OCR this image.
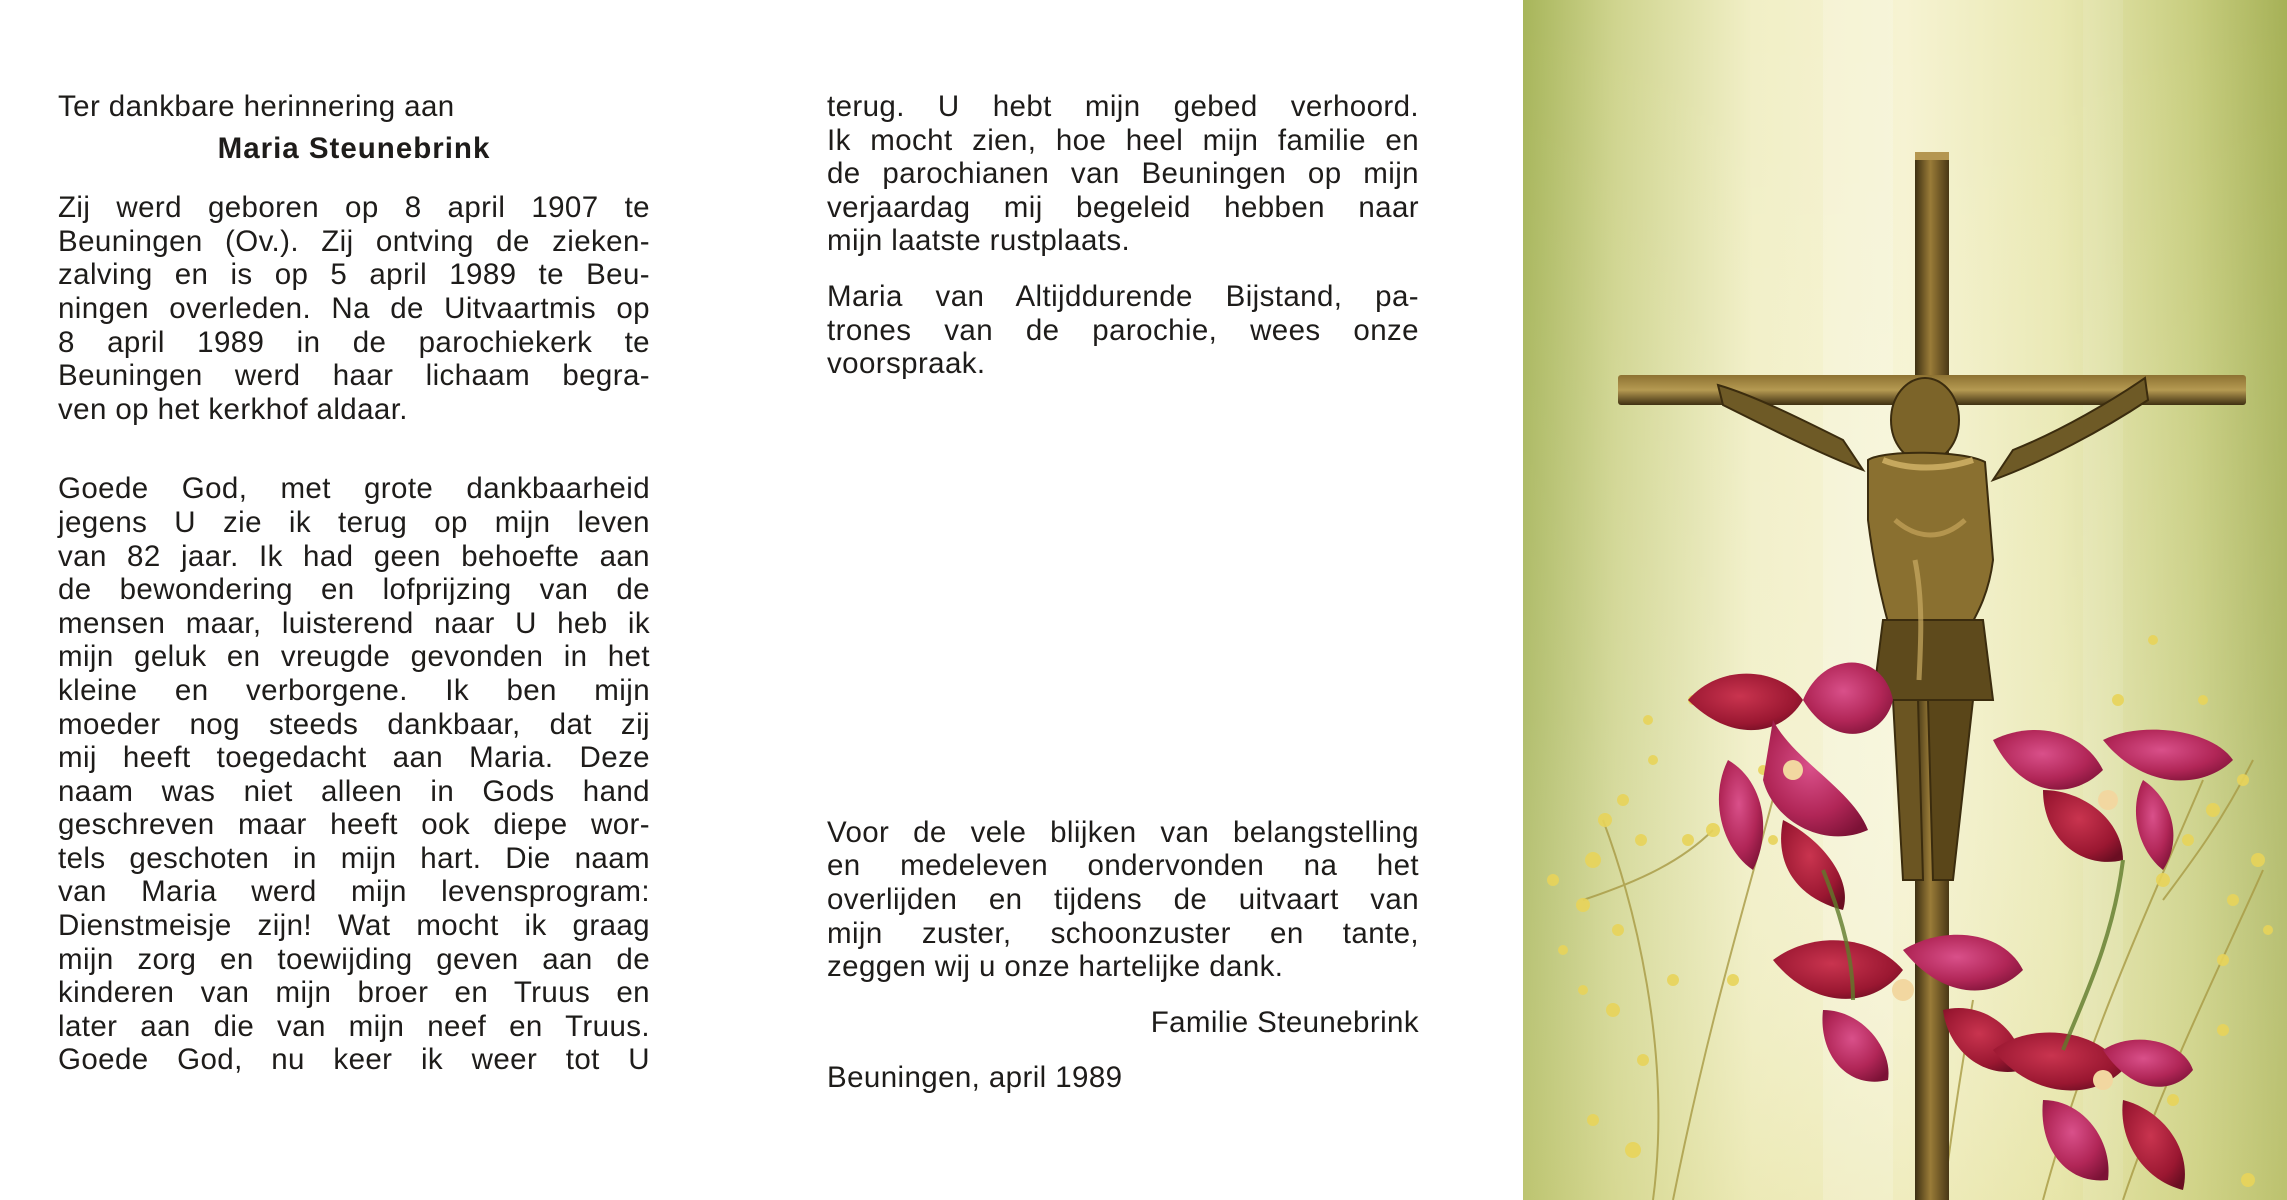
Ter dankbare herinnering aan
Maria Steunebrink

Zij werd geboren op 8 april 1907 te
Beuningen (Ov.). Zij ontving de zieken-
zalving en is op 5 april 1989 te Beu-
ningen overleden. Na de Uitvaartmis op
8 april 1989 in de parochiekerk te
Beuningen werd haar lichaam begra-
ven op het kerkhof aldaar.

Goede God, met grote dankbaarheid
jegens U zie ik terug op mijn leven
van 82 jaar. Ik had geen behoefte aan
de bewondering en lofprijzing van de
mensen maar, luisterend naar U heb ik
mijn geluk en vreugde gevonden in het
kleine en verborgene. Ik ben mijn
moeder nog steeds dankbaar, dat zij
mij heeft toegedacht aan Maria. Deze
naam was niet alleen in Gods hand
geschreven maar heeft ook diepe wor-
tels geschoten in mijn hart. Die naam
van Maria werd mijn levensprogram:
Dienstmeisje zijn! Wat mocht ik graag
mijn zorg en toewijding geven aan de
kinderen van mijn broer en Truus en
later aan die van mijn neef en Truus.
Goede God, nu keer ik weer tot U

terug. U hebt mijn gebed verhoord.
Ik mocht zien, hoe heel mijn familie en
de parochianen van Beuningen op mijn
verjaardag mij begeleid hebben naar
mijn laatste rustplaats.

Maria van Altijddurende Bijstand, pa-
trones van de parochie, wees onze
voorspraak.

Voor de vele blijken van belangstelling
en medeleven ondervonden na het
overlijden en tijdens de uitvaart van
mijn zuster, schoonzuster en tante,
zeggen wij u onze hartelijke dank.

Familie Steunebrink
Beuningen, april 1989
